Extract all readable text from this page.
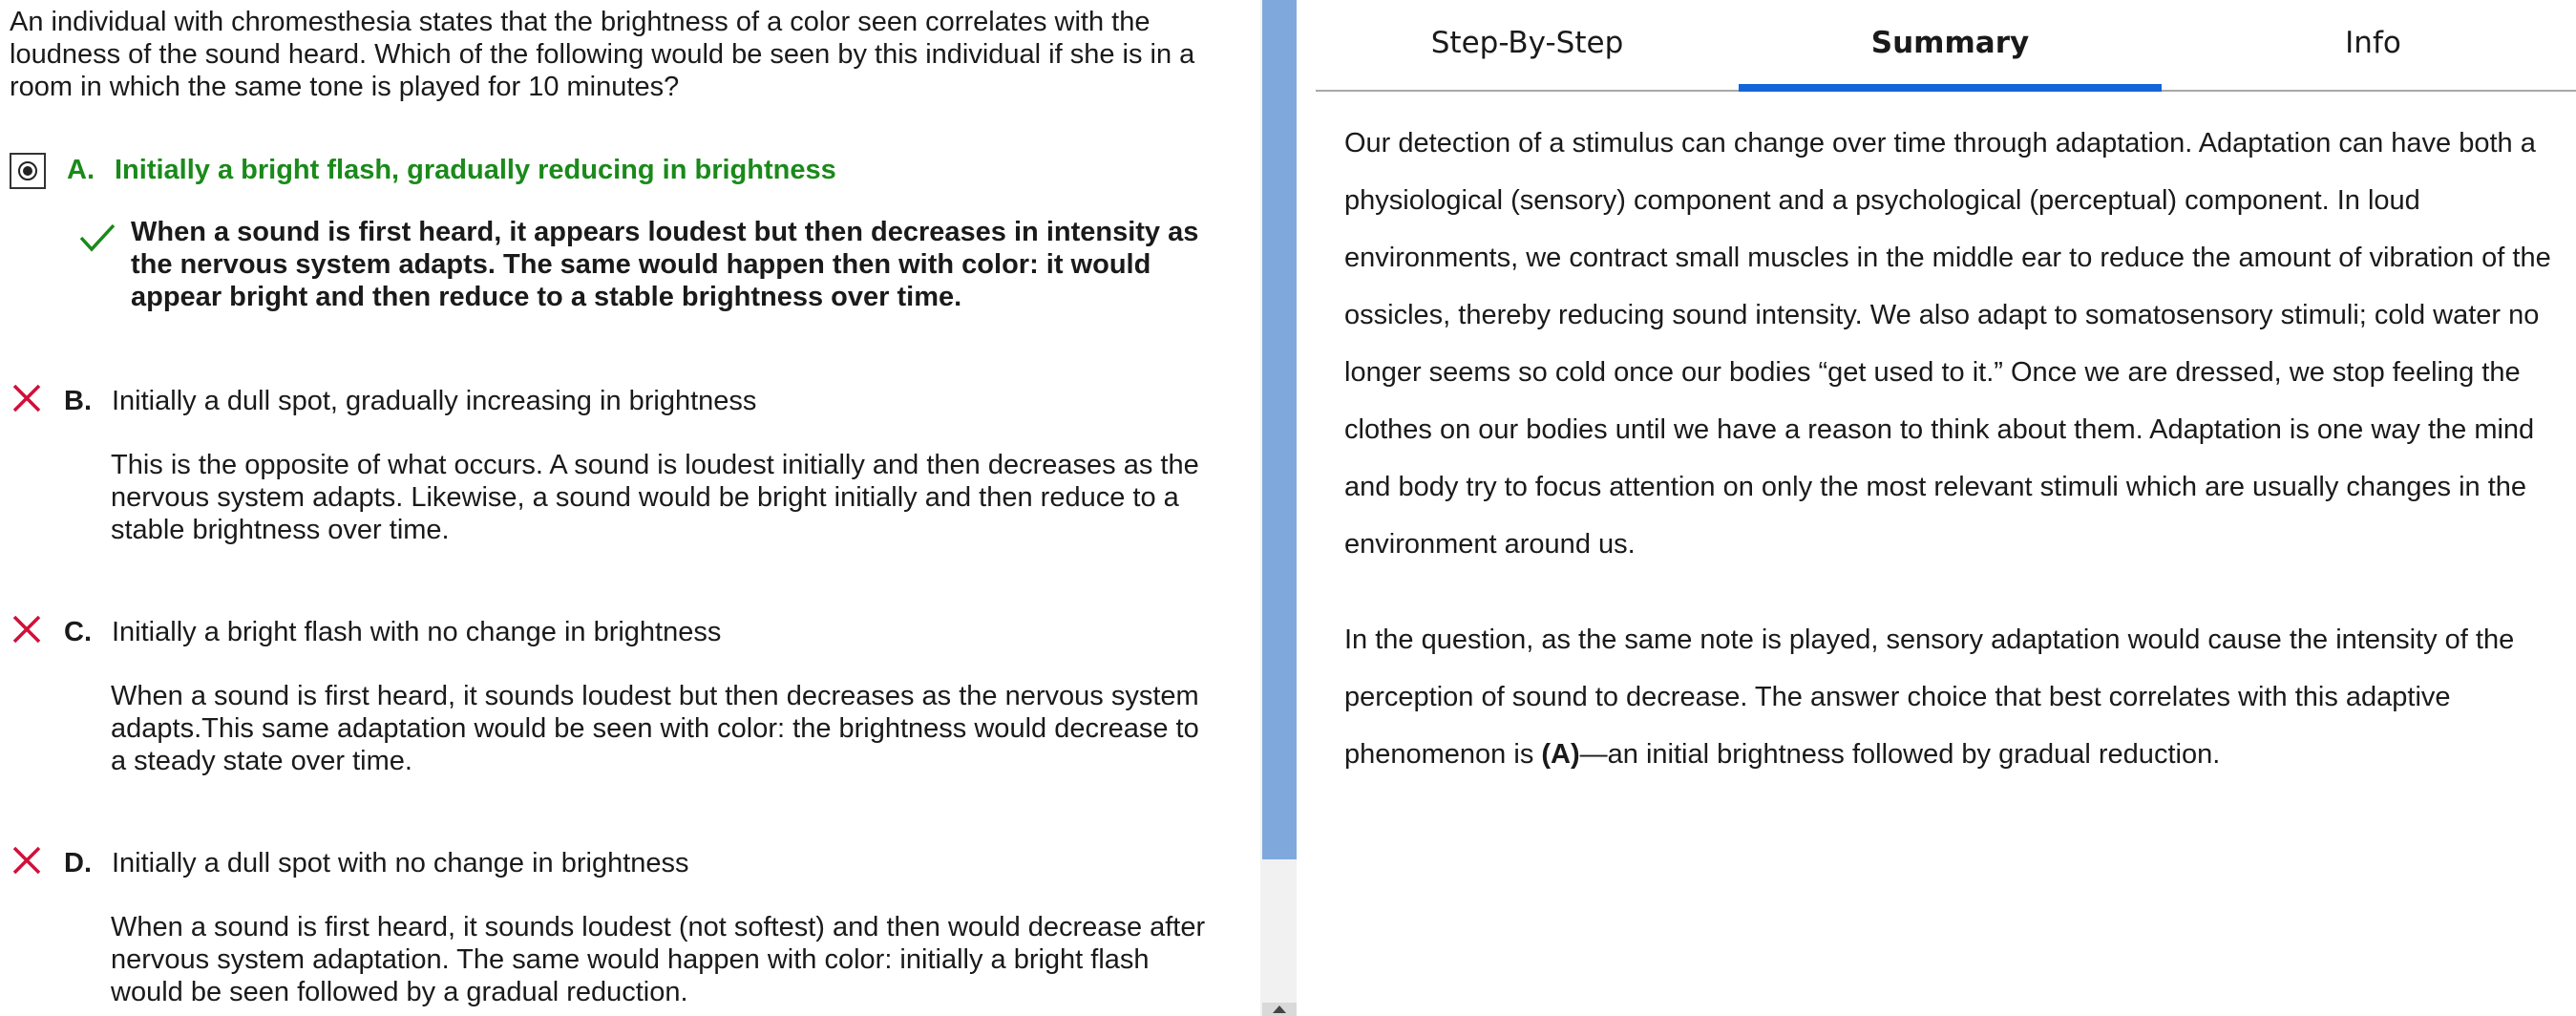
An individual with chromesthesia states that the brightness of a color seen correlates with the loudness of the sound heard. Which of the following would be seen by this individual if she is in a room in which the same tone is played for 10 minutes?
A. Initially a bright flash, gradually reducing in brightness
When a sound is first heard, it appears loudest but then decreases in intensity as the nervous system adapts. The same would happen then with color: it would appear bright and then reduce to a stable brightness over time.
B. Initially a dull spot, gradually increasing in brightness
This is the opposite of what occurs. A sound is loudest initially and then decreases as the nervous system adapts. Likewise, a sound would be bright initially and then reduce to a stable brightness over time.
C. Initially a bright flash with no change in brightness
When a sound is first heard, it sounds loudest but then decreases as the nervous system adapts.This same adaptation would be seen with color: the brightness would decrease to a steady state over time.
D. Initially a dull spot with no change in brightness
When a sound is first heard, it sounds loudest (not softest) and then would decrease after nervous system adaptation. The same would happen with color: initially a bright flash would be seen followed by a gradual reduction.
Step-By-Step	Summary	Info

Our detection of a stimulus can change over time through adaptation. Adaptation can have both a physiological (sensory) component and a psychological (perceptual) component. In loud environments, we contract small muscles in the middle ear to reduce the amount of vibration of the ossicles, thereby reducing sound intensity. We also adapt to somatosensory stimuli; cold water no longer seems so cold once our bodies “get used to it.” Once we are dressed, we stop feeling the clothes on our bodies until we have a reason to think about them. Adaptation is one way the mind and body try to focus attention on only the most relevant stimuli which are usually changes in the environment around us.

In the question, as the same note is played, sensory adaptation would cause the intensity of the perception of sound to decrease. The answer choice that best correlates with this adaptive phenomenon is (A)—an initial brightness followed by gradual reduction.
